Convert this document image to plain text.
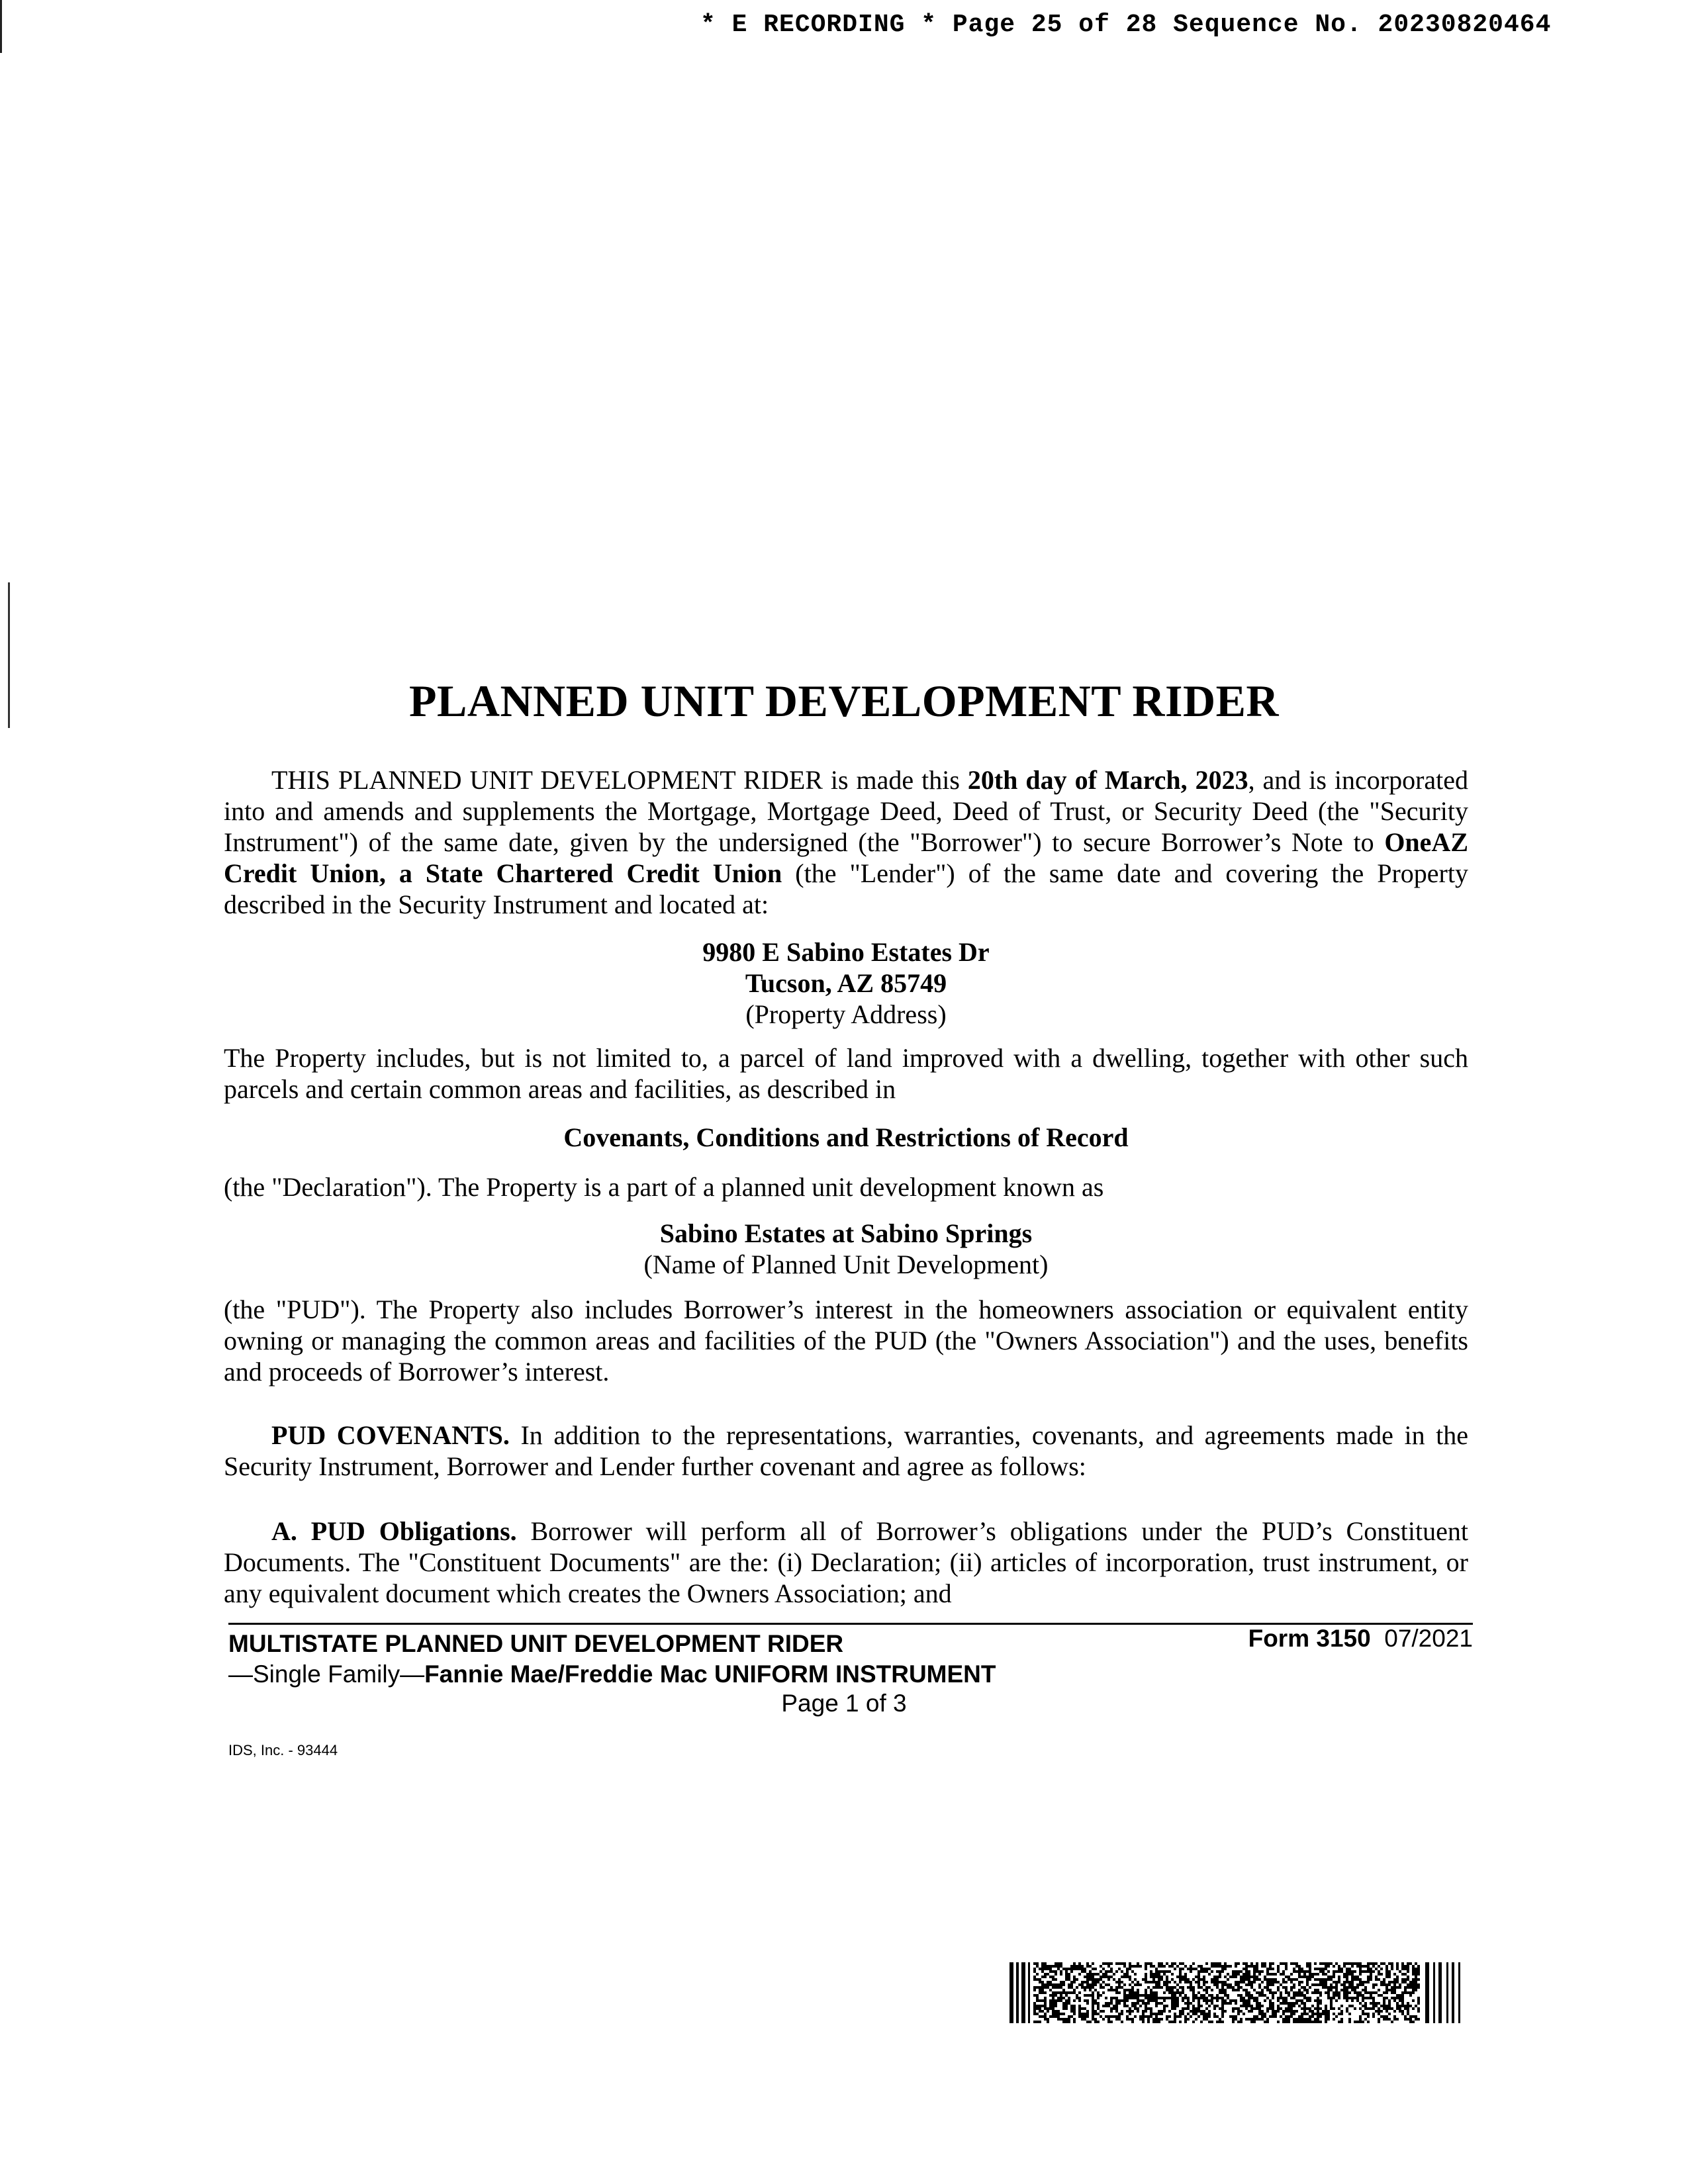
* E RECORDING * Page 25 of 28 Sequence No. 20230820464
PLANNED UNIT DEVELOPMENT RIDER
THIS PLANNED UNIT DEVELOPMENT RIDER is made this 20th day of March, 2023, and is incorporated into and amends and supplements the Mortgage, Mortgage Deed, Deed of Trust, or Security Deed (the "Security Instrument") of the same date, given by the undersigned (the "Borrower") to secure Borrower’s Note to OneAZ Credit Union, a State Chartered Credit Union (the "Lender") of the same date and covering the Property described in the Security Instrument and located at:
9980 E Sabino Estates Dr
Tucson, AZ 85749
(Property Address)
The Property includes, but is not limited to, a parcel of land improved with a dwelling, together with other such parcels and certain common areas and facilities, as described in
Covenants, Conditions and Restrictions of Record
(the "Declaration"). The Property is a part of a planned unit development known as
Sabino Estates at Sabino Springs
(Name of Planned Unit Development)
(the "PUD"). The Property also includes Borrower’s interest in the homeowners association or equivalent entity owning or managing the common areas and facilities of the PUD (the "Owners Association") and the uses, benefits and proceeds of Borrower’s interest.
PUD COVENANTS. In addition to the representations, warranties, covenants, and agreements made in the Security Instrument, Borrower and Lender further covenant and agree as follows:
A. PUD Obligations. Borrower will perform all of Borrower’s obligations under the PUD’s Constituent Documents. The "Constituent Documents" are the: (i) Declaration; (ii) articles of incorporation, trust instrument, or any equivalent document which creates the Owners Association; and
MULTISTATE PLANNED UNIT DEVELOPMENT RIDER	Form 3150 07/2021
—Single Family—Fannie Mae/Freddie Mac UNIFORM INSTRUMENT
Page 1 of 3
IDS, Inc. - 93444
